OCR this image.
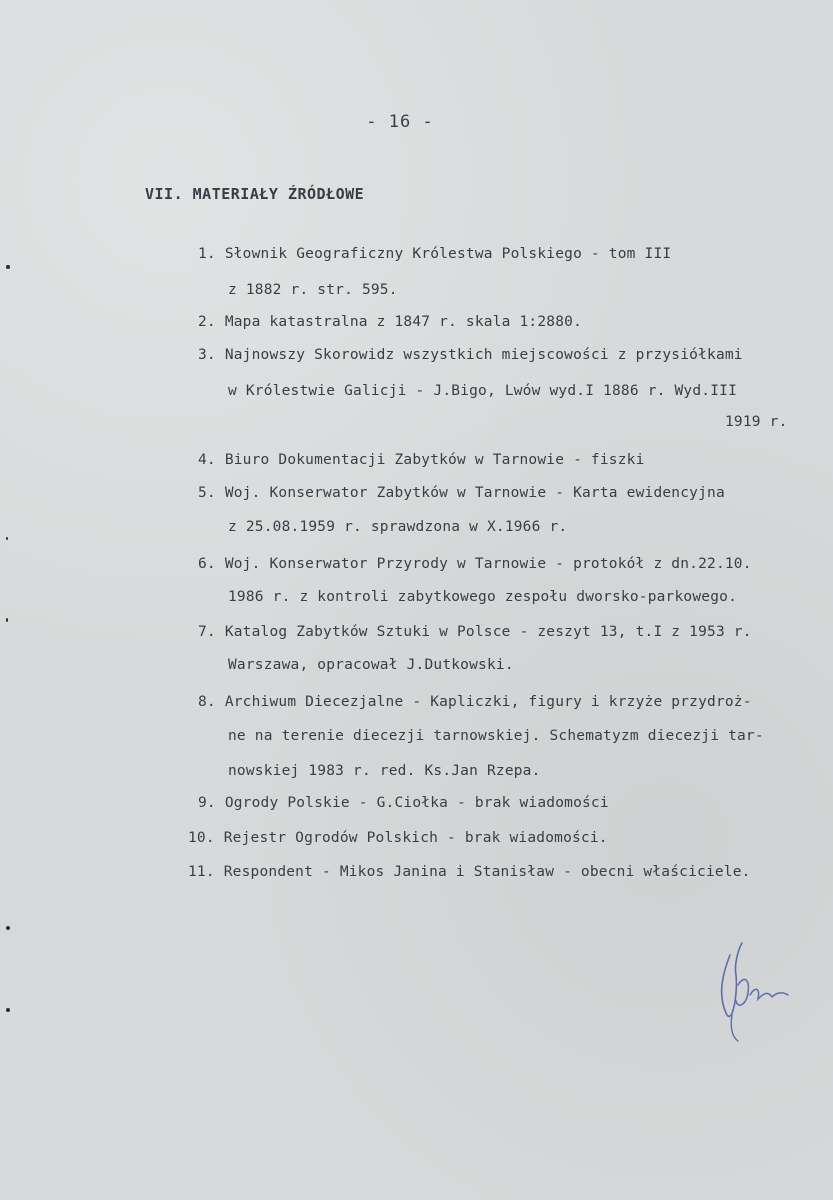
- 16 -
VII. MATERIAŁY ŹRÓDŁOWE
1. Słownik Geograficzny Królestwa Polskiego - tom III
z 1882 r. str. 595.
2. Mapa katastralna z 1847 r. skala 1:2880.
3. Najnowszy Skorowidz wszystkich miejscowości z przysiółkami
w Królestwie Galicji - J.Bigo, Lwów wyd.I 1886 r. Wyd.III
1919 r.
4. Biuro Dokumentacji Zabytków w Tarnowie - fiszki
5. Woj. Konserwator Zabytków w Tarnowie - Karta ewidencyjna
z 25.08.1959 r. sprawdzona w X.1966 r.
6. Woj. Konserwator Przyrody w Tarnowie - protokół z dn.22.10.
1986 r. z kontroli zabytkowego zespołu dworsko-parkowego.
7. Katalog Zabytków Sztuki w Polsce - zeszyt 13, t.I z 1953 r.
Warszawa, opracował J.Dutkowski.
8. Archiwum Diecezjalne - Kapliczki, figury i krzyże przydroż-
ne na terenie diecezji tarnowskiej. Schematyzm diecezji tar-
nowskiej 1983 r. red. Ks.Jan Rzepa.
9. Ogrody Polskie - G.Ciołka - brak wiadomości
10. Rejestr Ogrodów Polskich - brak wiadomości.
11. Respondent - Mikos Janina i Stanisław - obecni właściciele.
